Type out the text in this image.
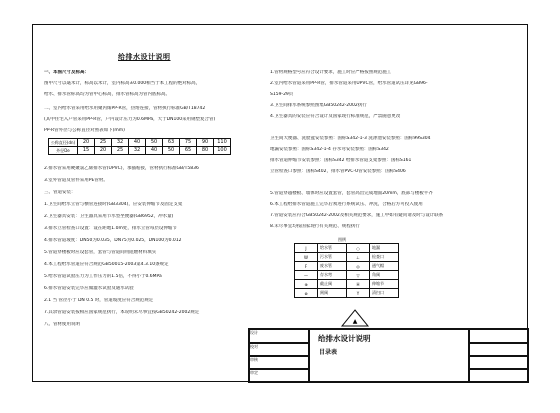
给排水设计说明
一、本图尺寸及标高：
图中尺寸以毫米计，标高以米计，室内标高±0.000相当于本工程的绝对标高，
给水、排水管标高均为管中心标高，排水管标高为管内底标高。
二、室内给水管采用给水用聚丙烯PP-R管，热熔连接，管材执行标准GB/T18742
(其中住宅入户管采用PP-R管，户内设计压力为0.6MPa，大于DN100采用钢塑复合管)
PP-R管外径与公称直径对照表如下(mm)
公称直径(dn)	20	25	32	40	50	63	75	90	110
外径De	15	20	25	32	40	50	65	80	100
2.排水管采用硬聚氯乙烯排水管(UPVC)，承插粘接，管材执行标准GB/T5836
3.室外管道及管件采用PE管材。
三、管道安装：
1.卫生间给水立管与横管连接时(GB3304)，应安装伸缩节及固定支架
2.卫生器具安装：卫生器具采用节水型坐便器(GB6952，冲水量)
3.排水立管检查口设置：设在距地1.0m处，排水立管每层设伸缩节
4.排水管道坡度：DN50为0.035，DN75为0.025，DN100为0.012
5.管道穿楼板时应设套管，套管与管道间用阻燃材料填实
4.本工程给水管道应符合规范GB50015-2003第4.3.10条规定
5.给水管道试验压力为工作压力的1.5倍，不得小于0.6MPa
6.排水管道安装完毕应做灌水试验及通水试验
2.1 当 管径小于 DN 0.5 时，管道坡度应符合规范规定
7.其余管道安装按相应国家规范执行，本说明未尽事宜按GB50242-2002规定
八、管材使用说明
1.管材规格型号应符合设计要求，施工时应严格按照规范施工
2.室内给水管道采用PP-R管，排水管道采用UPVC管，给水管道试压详见GB96-
S159-29页
3.卫生间排水系统参照图集GB50242-2002执行
4.卫生器具的安装应符合设计及国家现行标准规范，严禁随意更改
卫生间大便器、洗脸盆安装参照：国标S342-1-3 洗涤池安装参照：国标99S304
地漏安装参照：国标S342-1-4 存水弯安装参照：国标S342
排水管道伸缩节安装参照：国标S342 给排水管道支架参照：国标S161
立管检查口参照：国标S402，排水管PVC-U管安装参照：国标S406
5.管道穿越楼板、墙体时应设置套管，套管高出完成地面20mm，底部与楼板平齐
6.本工程给排水管道施工完毕后须进行系统试压、冲洗，合格后方可投入使用
7.管道安装应符合GB50242-2002及相关规范要求，施工中如有疑问请及时与设计联系
8.未尽事宜均按国家现行有关规范、规程执行
图例
J	给水管	○	地漏
W	污水管	⊥	检查口
F	废水管	◎	通气帽
—	存水弯	▽	角阀
⊕	截止阀	H	伸缩节
⊗	闸阀	Y	清扫口
设计
校对
审核
审定
给排水设计说明
目录表
▲
